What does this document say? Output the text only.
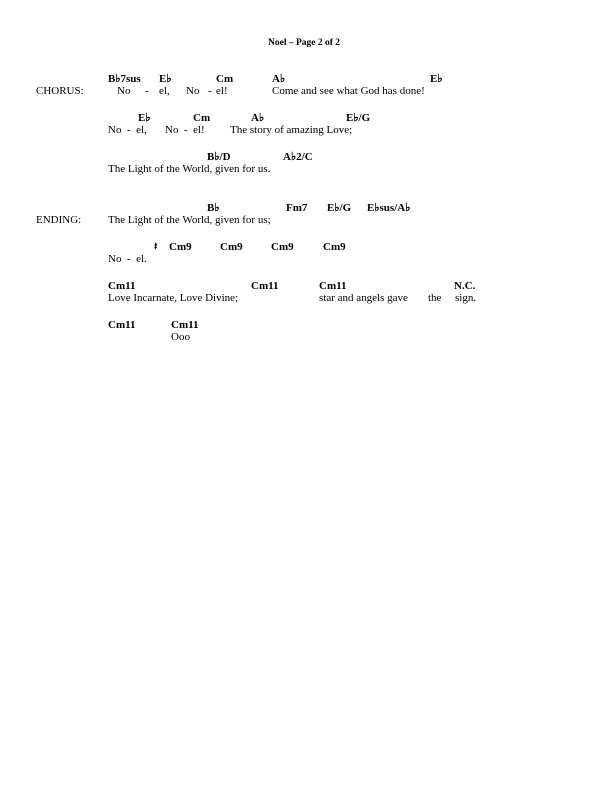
Noel – Page 2 of 2
B♭7sus E♭	Cm	A♭	E♭
CHORUS:	No - el, No - el!	Come and see what God has done!
E♭	Cm	A♭	E♭/G
No  -  el, No  -  el! The story of amazing Love;
B♭/D	A♭2/C
The Light of the World, given for us.
B♭	Fm7 E♭/G E♭sus/A♭
ENDING: The Light of the World, given for us;
𝄽 Cm9	Cm9	Cm9	Cm9
No  -  el.
Cm11	Cm11	Cm11	N.C.
Love Incarnate, Love Divine;	star and angels gave the sign.
Cm11	Cm11
Ooo
